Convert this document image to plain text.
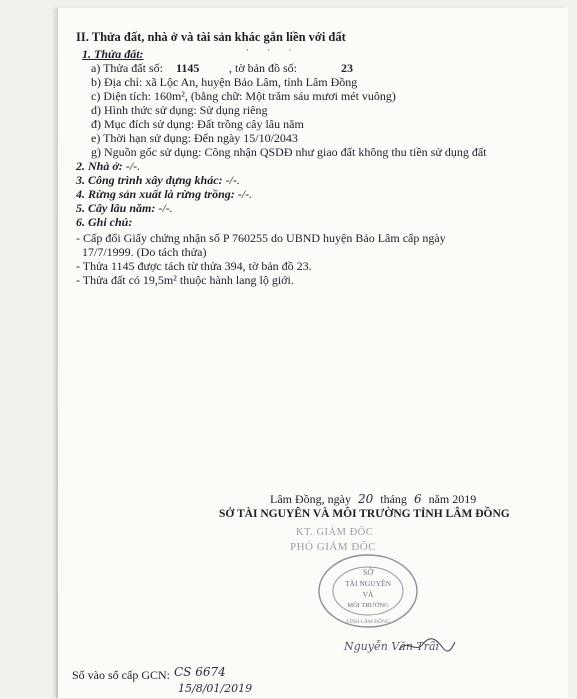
II. Thửa đất, nhà ở và tài sản khác gắn liền với đất
· · ·
1. Thửa đất:
a) Thửa đất số: 1145 , tờ bản đồ số:	23
b) Địa chỉ: xã Lộc An, huyện Bảo Lâm, tỉnh Lâm Đồng
c) Diện tích: 160m², (bằng chữ: Một trăm sáu mươi mét vuông)
d) Hình thức sử dụng: Sử dụng riêng
đ) Mục đích sử dụng: Đất trồng cây lâu năm
e) Thời hạn sử dụng: Đến ngày 15/10/2043
g) Nguồn gốc sử dụng: Công nhận QSDĐ như giao đất không thu tiền sử dụng đất
2. Nhà ở: -/-.
3. Công trình xây dựng khác: -/-.
4. Rừng sản xuất là rừng trồng: -/-.
5. Cây lâu năm: -/-.
6. Ghi chú:
- Cấp đổi Giấy chứng nhận số P 760255 do UBND huyện Bảo Lâm cấp ngày
17/7/1999. (Do tách thửa)
- Thửa 1145 được tách từ thửa 394, tờ bản đồ 23.
- Thửa đất có 19,5m² thuộc hành lang lộ giới.
Lâm Đồng, ngày 20 tháng 6 năm 2019
SỞ TÀI NGUYÊN VÀ MÔI TRƯỜNG TỈNH LÂM ĐỒNG
KT. GIÁM ĐỐC
PHÓ GIÁM ĐỐC
SỞ
TÀI NGUYÊN
VÀ
MÔI TRƯỜNG
TỈNH LÂM ĐỒNG
Nguyễn Văn Trãi
Số vào sổ cấp GCN: CS 6674
15/8/01/2019
